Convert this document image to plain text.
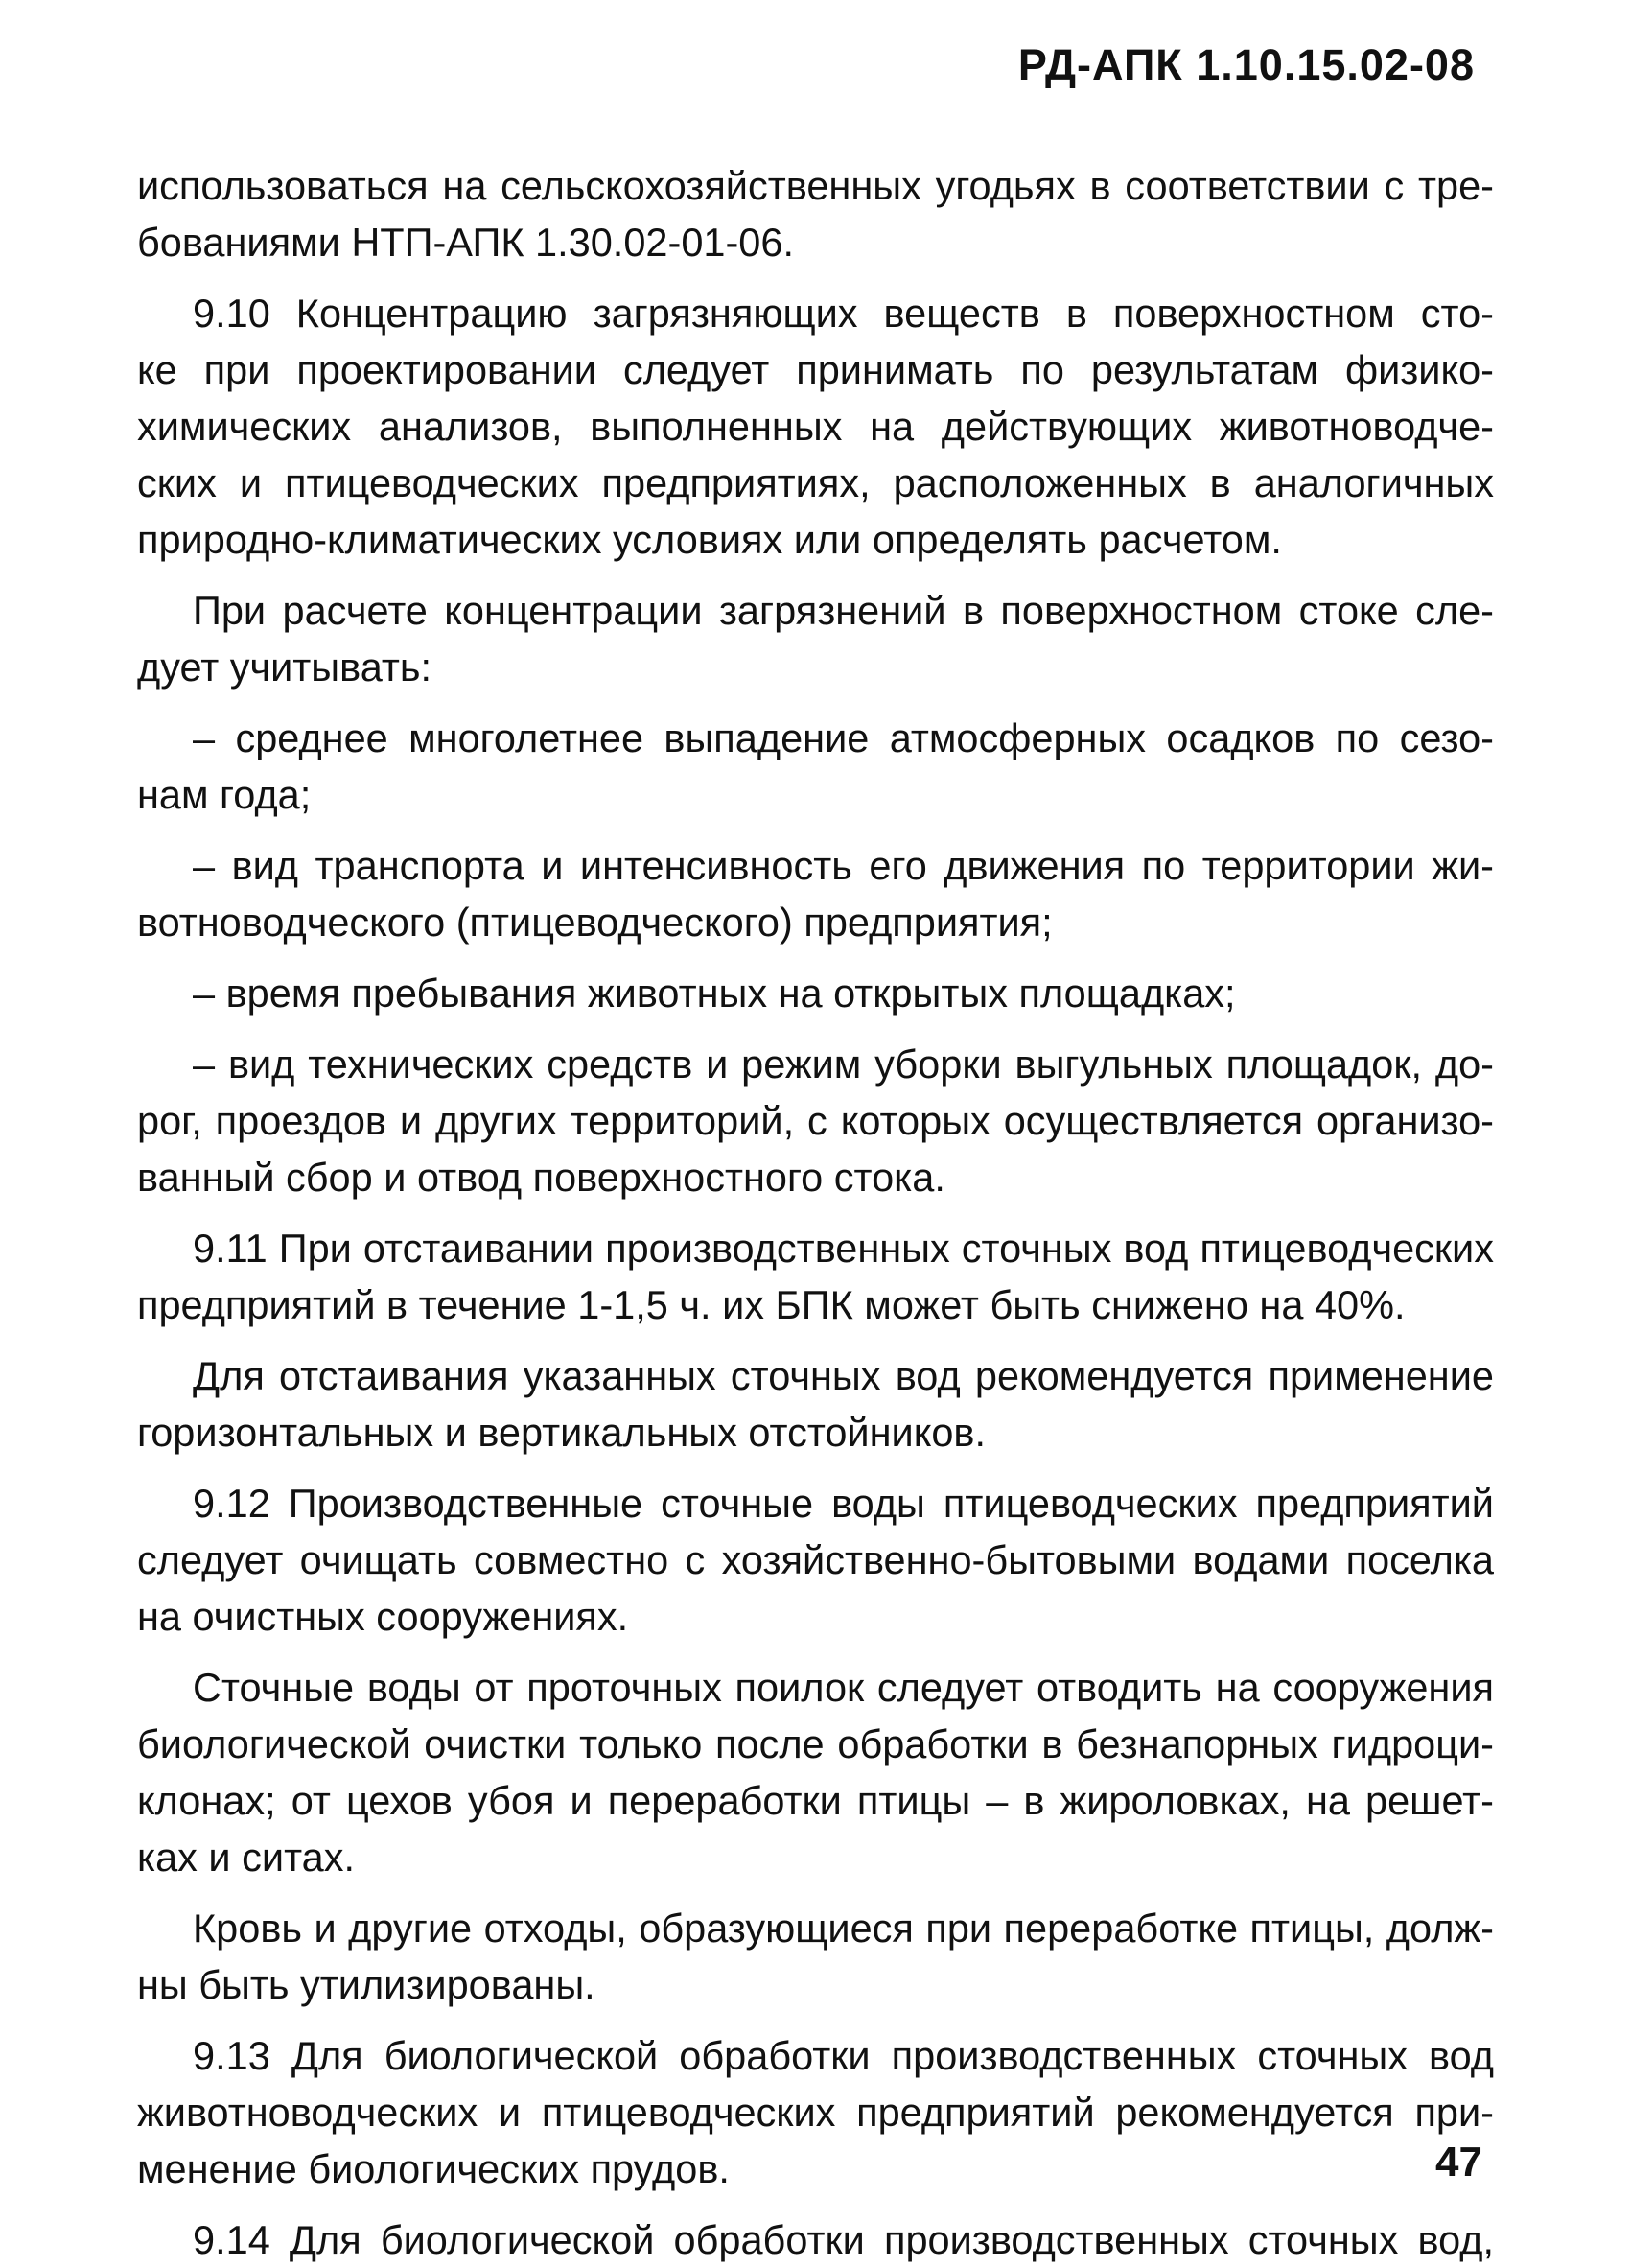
РД-АПК 1.10.15.02-08
использоваться на сельскохозяйственных угодьях в соответствии с тре-
бованиями НТП-АПК 1.30.02-01-06.
9.10 Концентрацию загрязняющих веществ в поверхностном сто-
ке при проектировании следует принимать по результатам физико-
химических анализов, выполненных на действующих животноводче-
ских и птицеводческих предприятиях, расположенных в аналогичных
природно-климатических условиях или определять расчетом.
При расчете концентрации загрязнений в поверхностном стоке сле-
дует учитывать:
– среднее многолетнее выпадение атмосферных осадков по сезо-
нам года;
– вид транспорта и интенсивность его движения по территории жи-
вотноводческого (птицеводческого) предприятия;
– время пребывания животных на открытых площадках;
– вид технических средств и режим уборки выгульных площадок, до-
рог, проездов и других территорий, с которых осуществляется организо-
ванный сбор и отвод поверхностного стока.
9.11 При отстаивании производственных сточных вод птицеводческих
предприятий в течение 1-1,5 ч. их БПК может быть снижено на 40%.
Для отстаивания указанных сточных вод рекомендуется применение
горизонтальных и вертикальных отстойников.
9.12 Производственные сточные воды птицеводческих предприятий
следует очищать совместно с хозяйственно-бытовыми водами поселка
на очистных сооружениях.
Сточные воды от проточных поилок следует отводить на сооружения
биологической очистки только после обработки в безнапорных гидроци-
клонах; от цехов убоя и переработки птицы – в жироловках, на решет-
ках и ситах.
Кровь и другие отходы, образующиеся при переработке птицы, долж-
ны быть утилизированы.
9.13 Для биологической обработки производственных сточных вод
животноводческих и птицеводческих предприятий рекомендуется при-
менение биологических прудов.
9.14 Для биологической обработки производственных сточных вод,
47
